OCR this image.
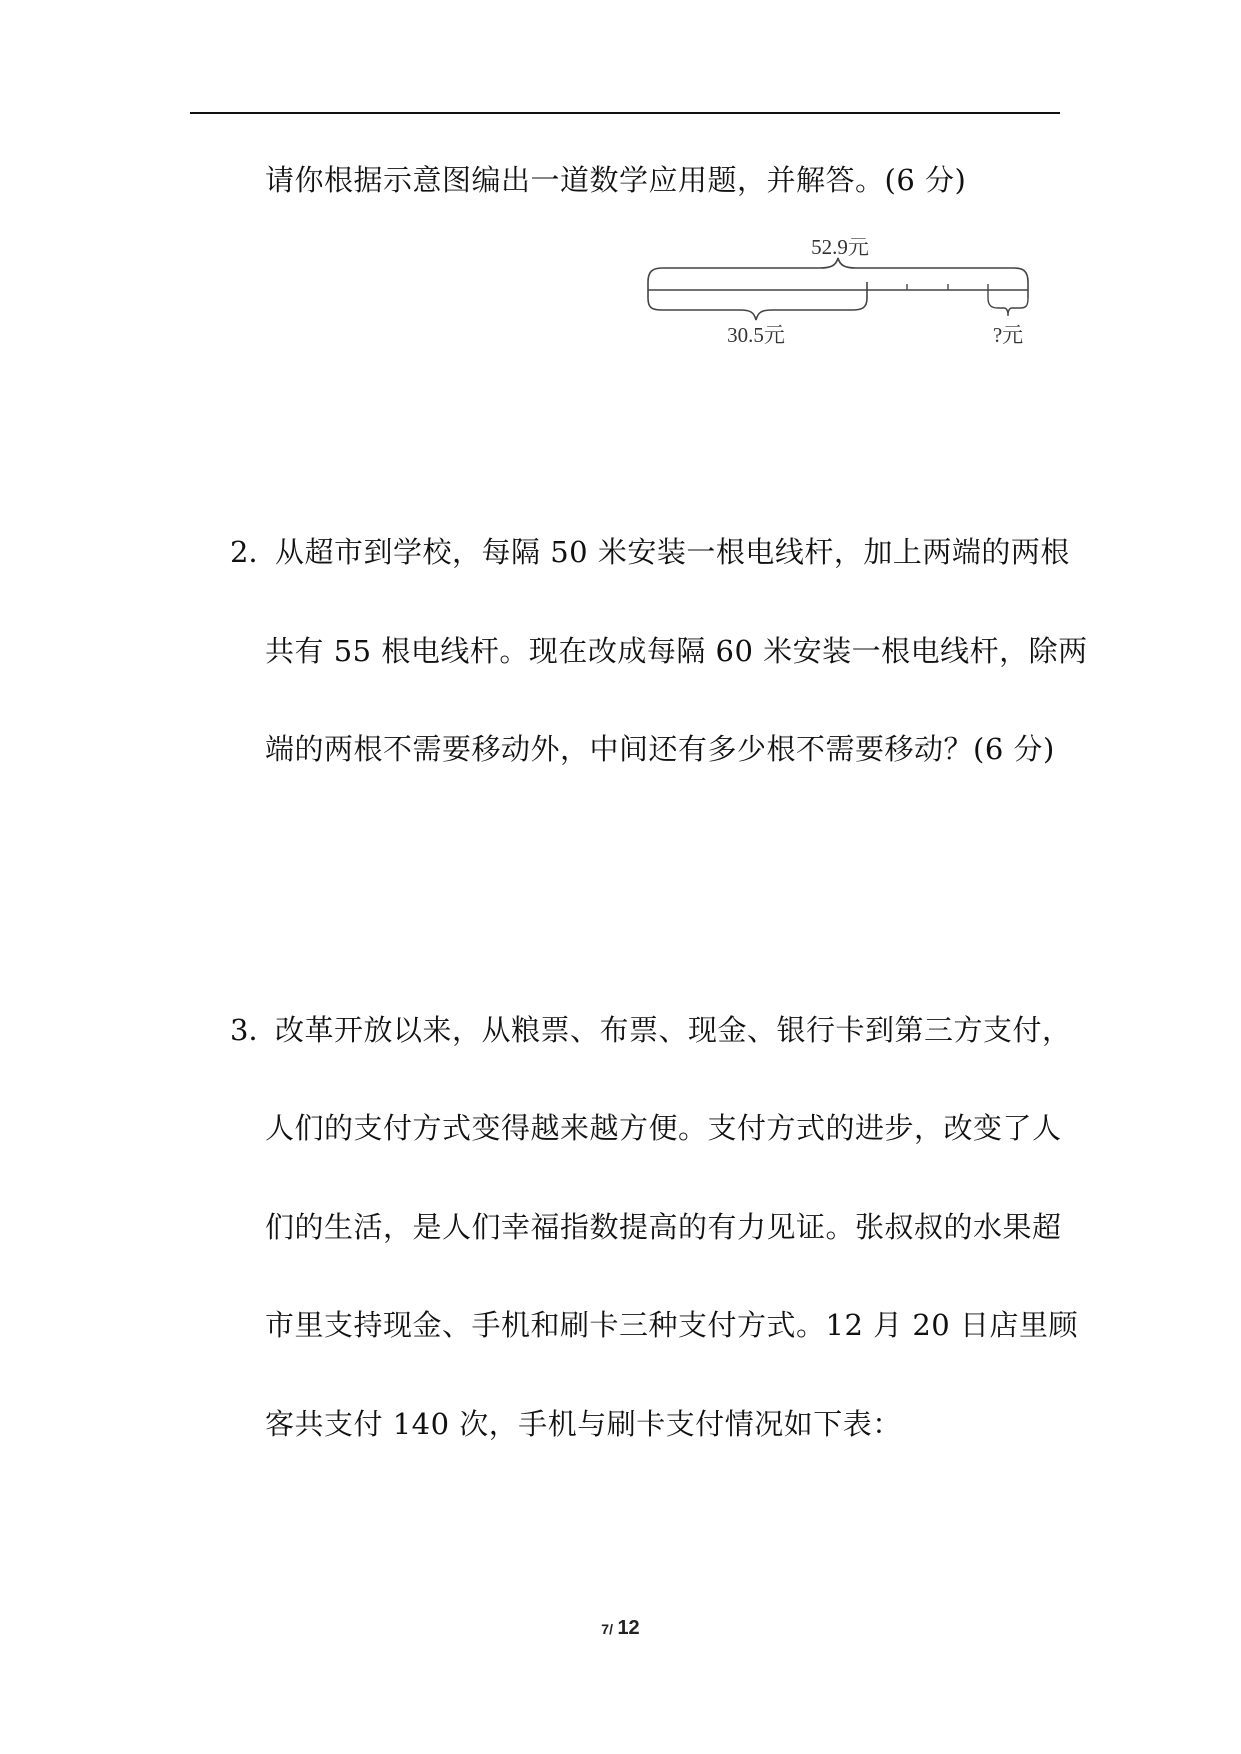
请你根据示意图编出一道数学应用题，并解答。(6 分)
52.9元
30.5元	?元
2．
从超市到学校，每隔 50 米安装一根电线杆，加上两端的两根
共有 55 根电线杆。现在改成每隔 60 米安装一根电线杆，除两
端的两根不需要移动外，中间还有多少根不需要移动？(6 分)
3．
改革开放以来，从粮票、布票、现金、银行卡到第三方支付，
人们的支付方式变得越来越方便。支付方式的进步，改变了人
们的生活，是人们幸福指数提高的有力见证。张叔叔的水果超
市里支持现金、手机和刷卡三种支付方式。12 月 20 日店里顾
客共支付 140 次，手机与刷卡支付情况如下表：
7/ 12
